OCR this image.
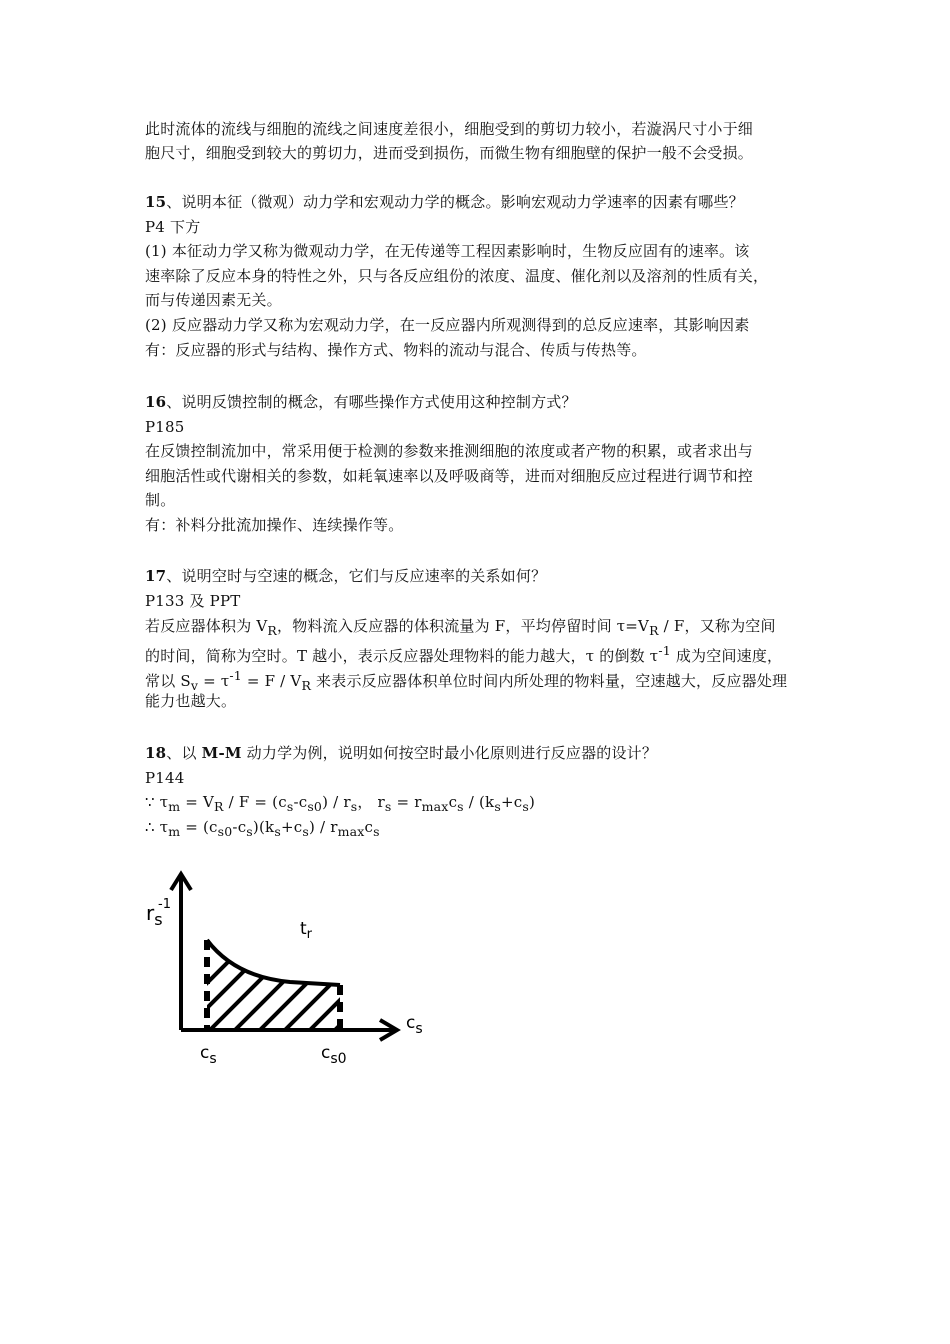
此时流体的流线与细胞的流线之间速度差很小，细胞受到的剪切力较小，若漩涡尺寸小于细
胞尺寸，细胞受到较大的剪切力，进而受到损伤，而微生物有细胞壁的保护一般不会受损。
15、说明本征（微观）动力学和宏观动力学的概念。影响宏观动力学速率的因素有哪些？
P4 下方
(1) 本征动力学又称为微观动力学，在无传递等工程因素影响时，生物反应固有的速率。该
速率除了反应本身的特性之外，只与各反应组份的浓度、温度、催化剂以及溶剂的性质有关，
而与传递因素无关。
(2) 反应器动力学又称为宏观动力学，在一反应器内所观测得到的总反应速率，其影响因素
有：反应器的形式与结构、操作方式、物料的流动与混合、传质与传热等。
16、说明反馈控制的概念，有哪些操作方式使用这种控制方式？
P185
在反馈控制流加中，常采用便于检测的参数来推测细胞的浓度或者产物的积累，或者求出与
细胞活性或代谢相关的参数，如耗氧速率以及呼吸商等，进而对细胞反应过程进行调节和控
制。
有：补料分批流加操作、连续操作等。
17、说明空时与空速的概念，它们与反应速率的关系如何？
P133 及 PPT
若反应器体积为 $V_R$，物料流入反应器的体积流量为 F，平均停留时间 $\tau=V_R / F$，又称为空间
的时间，简称为空时。T 越小，表示反应器处理物料的能力越大，τ 的倒数 $\tau^{-1}$ 成为空间速度，
常以 $S_v = \tau^{-1} = F / V_R$ 来表示反应器体积单位时间内所处理的物料量，空速越大，反应器处理
能力也越大。
18、以 M-M 动力学为例，说明如何按空时最小化原则进行反应器的设计？
P144
∵ $\tau_m = V_R / F = (c_s-c_{s0}) / r_s$， $r_s = r_{max}c_s / (k_s+c_s)$
∴ $\tau_m = (c_{s0}-c_s)(k_s+c_s) / r_{max}c_s$
$r_s$
-1
$t_r$
$c_s$
$c_s$	$c_{s0}$
